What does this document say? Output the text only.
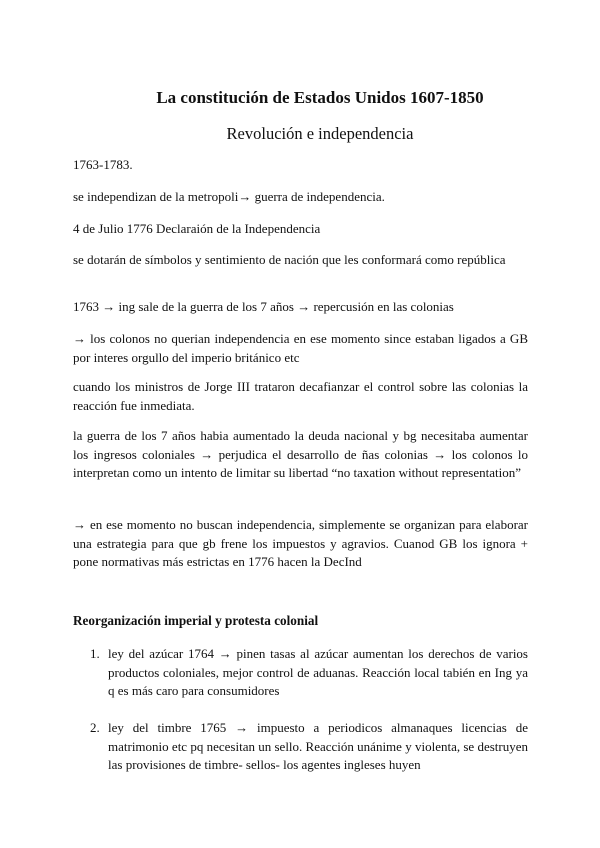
La constitución de Estados Unidos 1607-1850
Revolución e independencia
1763-1783.
se independizan de la metropoli→ guerra de independencia.
4 de Julio 1776 Declaraión de la Independencia
se dotarán de símbolos y sentimiento de nación que les conformará como república
1763 → ing sale de la guerra de los 7 años → repercusión en las colonias
→ los colonos no querian independencia en ese momento since estaban ligados a GB por interes orgullo del imperio británico etc
cuando los ministros de Jorge III trataron decafianzar el control sobre las colonias la reacción fue inmediata.
la guerra de los 7 años habia aumentado la deuda nacional y bg necesitaba aumentar los ingresos coloniales → perjudica el desarrollo de ñas colonias → los colonos lo interpretan como un intento de limitar su libertad “no taxation without representation”
→ en ese momento no buscan independencia, simplemente se organizan para elaborar una estrategia para que gb frene los impuestos y agravios. Cuanod GB los ignora + pone normativas más estrictas en 1776 hacen la DecInd
Reorganización imperial y protesta colonial
1. ley del azúcar 1764 → pinen tasas al azúcar aumentan los derechos de varios productos coloniales, mejor control de aduanas. Reacción local tabién en Ing ya q es más caro para consumidores
2. ley del timbre 1765 → impuesto a periodicos almanaques licencias de matrimonio etc pq necesitan un sello. Reacción unánime y violenta, se destruyen las provisiones de timbre- sellos- los agentes ingleses huyen
